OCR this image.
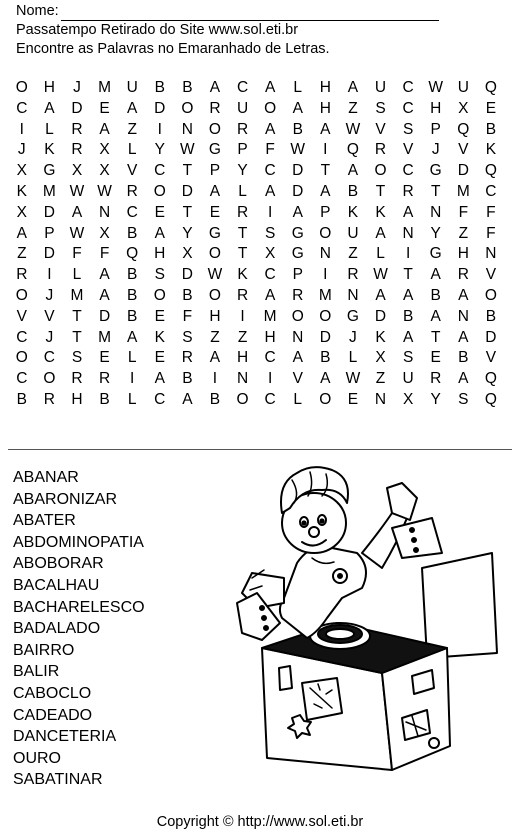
Nome:
Passatempo Retirado do Site www.sol.eti.br
Encontre as Palavras no Emaranhado de Letras.
O	H	J	M	U	B	B	A	C	A	L	H	A	U	C W U	Q
C	A	D	E	A	D	O	R	U	O	A	H	Z	S	C	H	X	E
I	L	R	A	Z	I	N	O	R	A	B	A W V	S	P	Q	B
J	K	R	X	L	Y W G	P	F	W	I	Q	R	V	J	V	K
X	G	X	X	V	C	T	P	Y	C	D	T	A	O	C	G	D	Q
K	M W W R	O	D	A	L	A	D	A	B	T	R	T	M	C
X	D	A	N	C	E	T	E	R	I	A	P	K	K	A	N	F	F
A	P W X	B	A	Y	G	T	S	G	O	U	A	N	Y	Z	F
Z	D	F	F	Q	H	X	O	T	X	G	N	Z	L	I	G	H	N
R	I	L	A	B	S	D W K	C	P	I	R W	T	A	R	V
O	J	M	A	B	O	B	O	R	A	R	M	N	A	A	B	A	O
V	V	T	D	B	E	F	H	I	M O	O	G	D	B	A	N	B
C	J	T	M	A	K	S	Z	Z	H	N	D	J	K	A	T	A	D
O	C	S	E	L	E	R	A	H	C	A	B	L	X	S	E	B	V
C	O	R	R	I	A	B	I	N	I	V	A W	Z	U	R	A	Q
B	R	H	B	L	C	A	B	O	C	L	O	E	N	X	Y	S	Q
ABANAR
ABARONIZAR
ABATER
ABDOMINOPATIA
ABOBORAR
BACALHAU
BACHARELESCO
BADALADO
BAIRRO
BALIR
CABOCLO
CADEADO
DANCETERIA
OURO
SABATINAR
Copyright © http://www.sol.eti.br
